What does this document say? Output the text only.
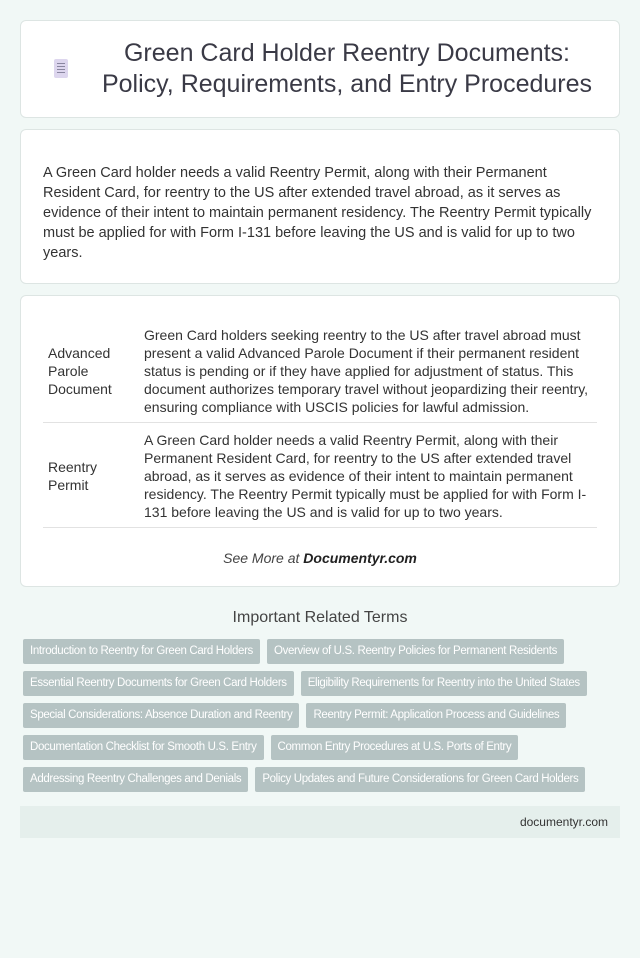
Green Card Holder Reentry Documents: Policy, Requirements, and Entry Procedures
A Green Card holder needs a valid Reentry Permit, along with their Permanent Resident Card, for reentry to the US after extended travel abroad, as it serves as evidence of their intent to maintain permanent residency. The Reentry Permit typically must be applied for with Form I-131 before leaving the US and is valid for up to two years.
Advanced Parole Document	Green Card holders seeking reentry to the US after travel abroad must present a valid Advanced Parole Document if their permanent resident status is pending or if they have applied for adjustment of status. This document authorizes temporary travel without jeopardizing their reentry, ensuring compliance with USCIS policies for lawful admission.
Reentry Permit	A Green Card holder needs a valid Reentry Permit, along with their Permanent Resident Card, for reentry to the US after extended travel abroad, as it serves as evidence of their intent to maintain permanent residency. The Reentry Permit typically must be applied for with Form I-131 before leaving the US and is valid for up to two years.
See More at Documentyr.com
Important Related Terms
Introduction to Reentry for Green Card Holders	Overview of U.S. Reentry Policies for Permanent Residents
Essential Reentry Documents for Green Card Holders	Eligibility Requirements for Reentry into the United States
Special Considerations: Absence Duration and Reentry	Reentry Permit: Application Process and Guidelines
Documentation Checklist for Smooth U.S. Entry	Common Entry Procedures at U.S. Ports of Entry
Addressing Reentry Challenges and Denials	Policy Updates and Future Considerations for Green Card Holders
documentyr.com
